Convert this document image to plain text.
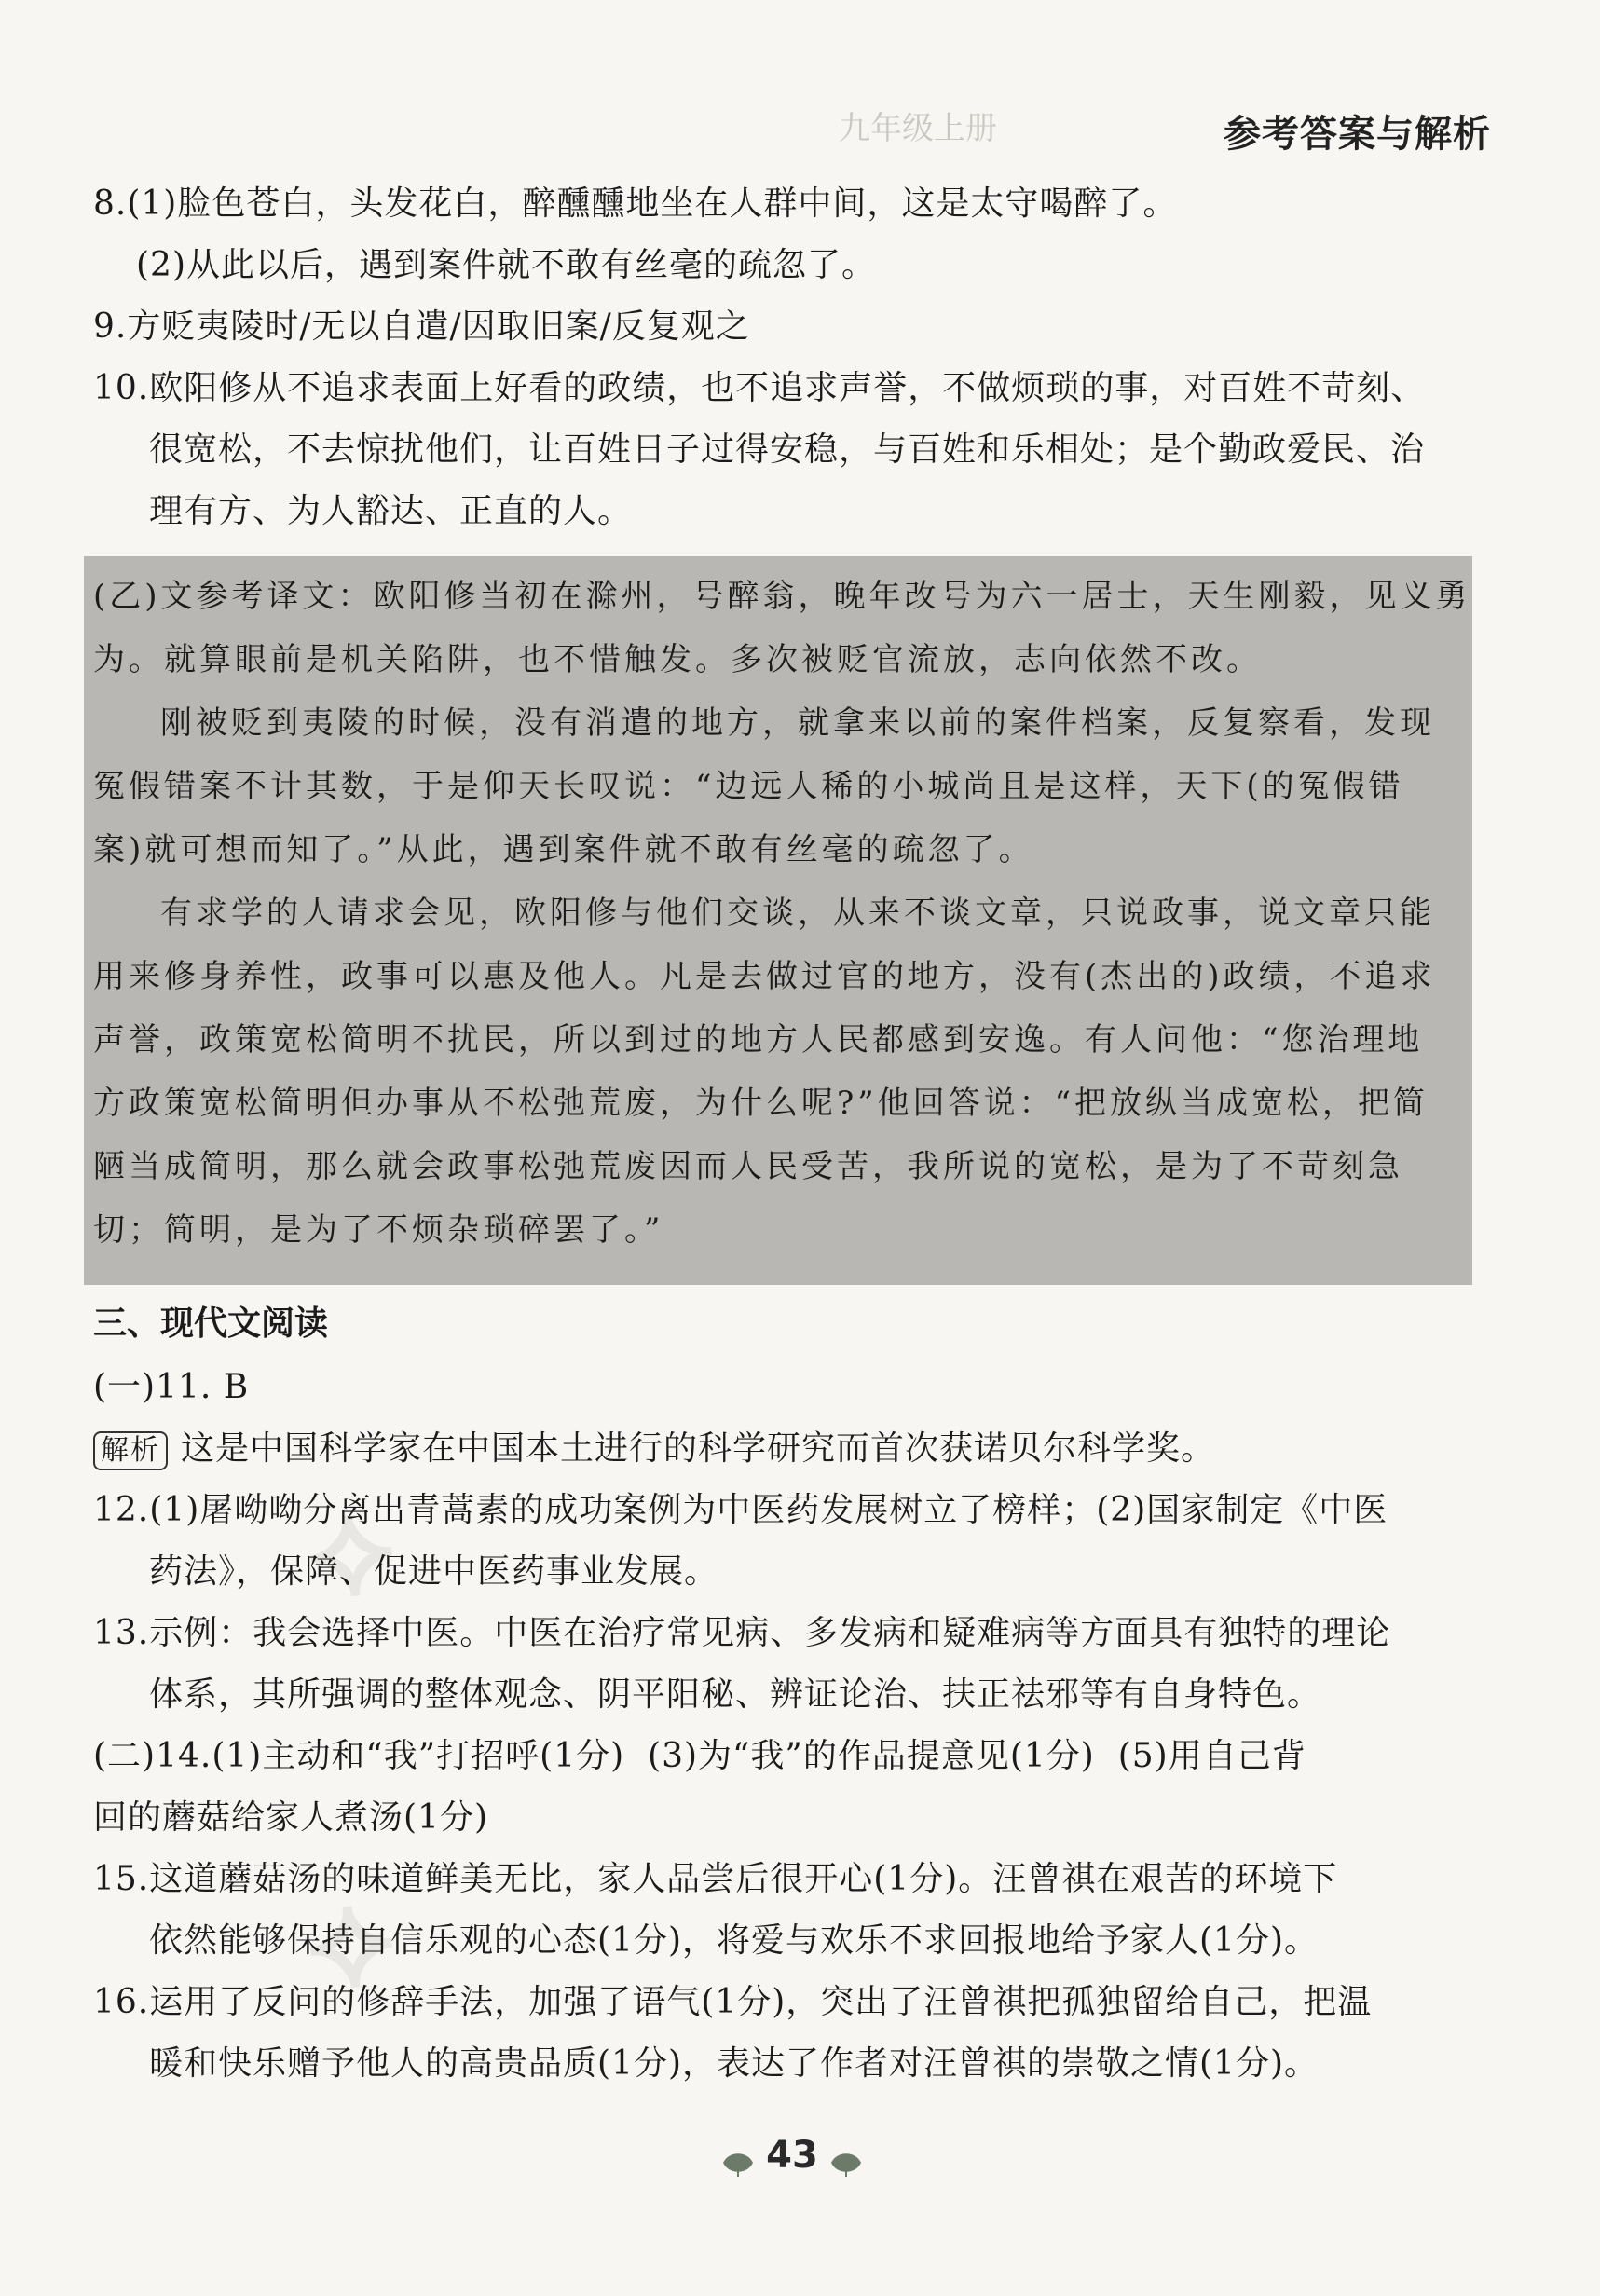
九年级上册	参考答案与解析
8.(1)脸色苍白，头发花白，醉醺醺地坐在人群中间，这是太守喝醉了。
(2)从此以后，遇到案件就不敢有丝毫的疏忽了。
9.方贬夷陵时/无以自遣/因取旧案/反复观之
10.欧阳修从不追求表面上好看的政绩，也不追求声誉，不做烦琐的事，对百姓不苛刻、
很宽松，不去惊扰他们，让百姓日子过得安稳，与百姓和乐相处；是个勤政爱民、治
理有方、为人豁达、正直的人。
(乙)文参考译文：欧阳修当初在滁州，号醉翁，晚年改号为六一居士，天生刚毅，见义勇
为。就算眼前是机关陷阱，也不惜触发。多次被贬官流放，志向依然不改。
刚被贬到夷陵的时候，没有消遣的地方，就拿来以前的案件档案，反复察看，发现
冤假错案不计其数，于是仰天长叹说：“边远人稀的小城尚且是这样，天下(的冤假错
案)就可想而知了。”从此，遇到案件就不敢有丝毫的疏忽了。
有求学的人请求会见，欧阳修与他们交谈，从来不谈文章，只说政事，说文章只能
用来修身养性，政事可以惠及他人。凡是去做过官的地方，没有(杰出的)政绩，不追求
声誉，政策宽松简明不扰民，所以到过的地方人民都感到安逸。有人问他：“您治理地
方政策宽松简明但办事从不松弛荒废，为什么呢?”他回答说：“把放纵当成宽松，把简
陋当成简明，那么就会政事松弛荒废因而人民受苦，我所说的宽松，是为了不苛刻急
切；简明，是为了不烦杂琐碎罢了。”
三、现代文阅读
(一)11. B
解析 这是中国科学家在中国本土进行的科学研究而首次获诺贝尔科学奖。
12.(1)屠呦呦分离出青蒿素的成功案例为中医药发展树立了榜样；(2)国家制定《中医
药法》，保障、促进中医药事业发展。
13.示例：我会选择中医。中医在治疗常见病、多发病和疑难病等方面具有独特的理论
体系，其所强调的整体观念、阴平阳秘、辨证论治、扶正祛邪等有自身特色。
(二)14.(1)主动和“我”打招呼(1分)  (3)为“我”的作品提意见(1分)  (5)用自己背
回的蘑菇给家人煮汤(1分)
15.这道蘑菇汤的味道鲜美无比，家人品尝后很开心(1分)。汪曾祺在艰苦的环境下
依然能够保持自信乐观的心态(1分)，将爱与欢乐不求回报地给予家人(1分)。
16.运用了反问的修辞手法，加强了语气(1分)，突出了汪曾祺把孤独留给自己，把温
暖和快乐赠予他人的高贵品质(1分)，表达了作者对汪曾祺的崇敬之情(1分)。
⟡
⟡
43
